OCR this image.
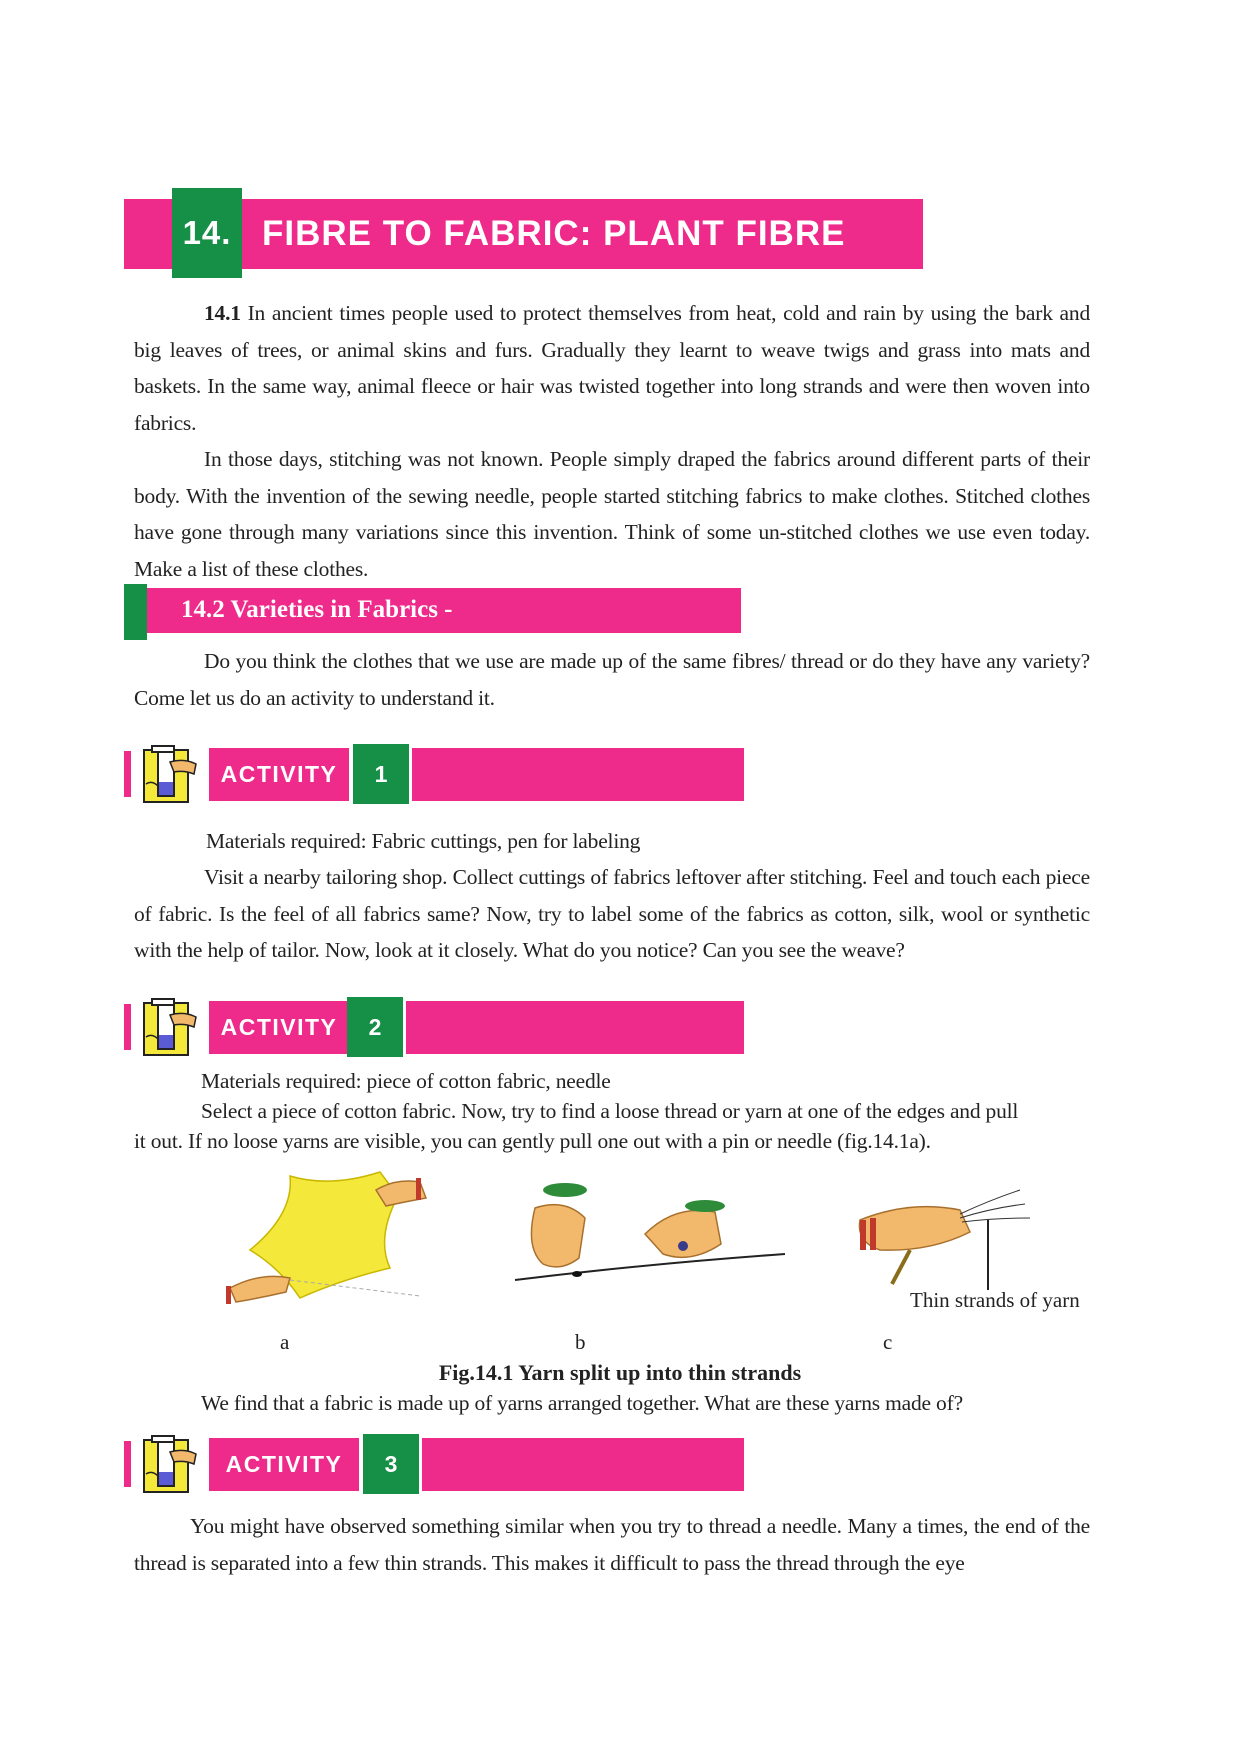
14. FIBRE TO FABRIC: PLANT FIBRE
14.1 In ancient times people used to protect themselves from heat, cold and rain by using the bark and big leaves of trees, or animal skins and furs. Gradually they learnt to weave twigs and grass into mats and baskets. In the same way, animal fleece or hair was twisted together into long strands and were then woven into fabrics.
In those days, stitching was not known. People simply draped the fabrics around different parts of their body. With the invention of the sewing needle, people started stitching fabrics to make clothes. Stitched clothes have gone through many variations since this invention. Think of some un-stitched clothes we use even today. Make a list of these clothes.
14.2 Varieties in Fabrics -
Do you think the clothes that we use are made up of the same fibres/ thread or do they have any variety? Come let us do an activity to understand it.
ACTIVITY	1
Materials required: Fabric cuttings, pen for labeling
Visit a nearby tailoring shop. Collect cuttings of fabrics leftover after stitching. Feel and touch each piece of fabric. Is the feel of all fabrics same? Now, try to label some of the fabrics as cotton, silk, wool or synthetic with the help of tailor. Now, look at it closely. What do you notice? Can you see the weave?
ACTIVITY	2
Materials required: piece of cotton fabric, needle
Select a piece of cotton fabric. Now, try to find a loose thread or yarn at one of the edges and pull
it out. If no loose yarns are visible, you can gently pull one out with a pin or needle (fig.14.1a).
Thin strands of yarn
a	b	c
Fig.14.1 Yarn split up into thin strands
We find that a fabric is made up of yarns arranged together. What are these yarns made of?
ACTIVITY	3
You might have observed something similar when you try to thread a needle. Many a times, the end of the thread is separated into a few thin strands. This makes it difficult to pass the thread through the eye
